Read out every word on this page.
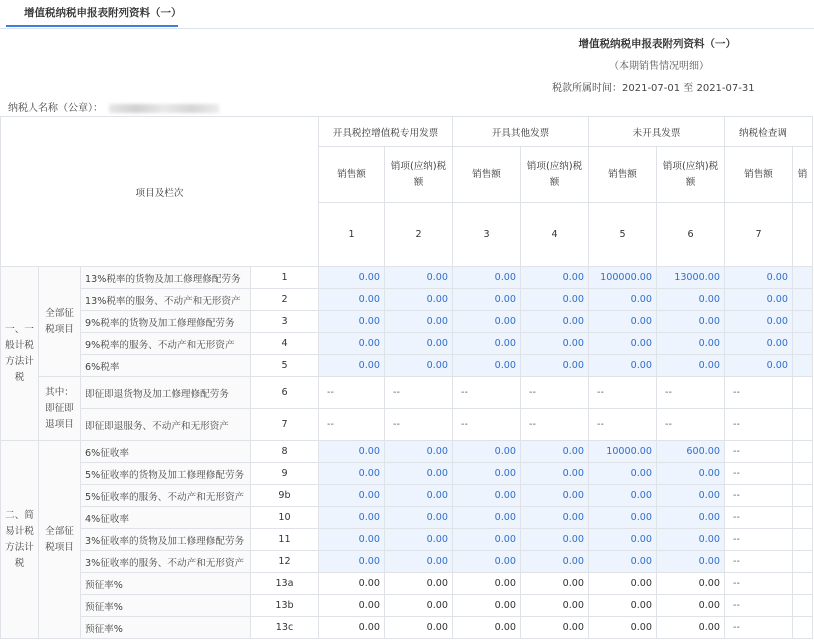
增值税纳税申报表附列资料（一）
增值税纳税申报表附列资料（一）
（本期销售情况明细）
税款所属时间：2021-07-01 至 2021-07-31
纳税人名称（公章）：
项目及栏次				开具税控增值税专用发票		开具其他发票		未开具发票		纳税检查调	
				销售额	销项(应纳)税额	销售额	销项(应纳)税额	销售额	销项(应纳)税额	销售额	销
				1	2	3	4	5	6	7	
一、一般计税方法计税	全部征税项目	13%税率的货物及加工修理修配劳务	1	0.00	0.00	0.00	0.00	100000.00	13000.00	0.00	
		13%税率的服务、不动产和无形资产	2	0.00	0.00	0.00	0.00	0.00	0.00	0.00	
		9%税率的货物及加工修理修配劳务	3	0.00	0.00	0.00	0.00	0.00	0.00	0.00	
		9%税率的服务、不动产和无形资产	4	0.00	0.00	0.00	0.00	0.00	0.00	0.00	
		6%税率	5	0.00	0.00	0.00	0.00	0.00	0.00	0.00	
	其中：即征即退项目	即征即退货物及加工修理修配劳务	6	--	--	--	--	--	--	--	
		即征即退服务、不动产和无形资产	7	--	--	--	--	--	--	--	
二、简易计税方法计税	全部征税项目	6%征收率	8	0.00	0.00	0.00	0.00	10000.00	600.00	--	
		5%征收率的货物及加工修理修配劳务	9	0.00	0.00	0.00	0.00	0.00	0.00	--	
		5%征收率的服务、不动产和无形资产	9b	0.00	0.00	0.00	0.00	0.00	0.00	--	
		4%征收率	10	0.00	0.00	0.00	0.00	0.00	0.00	--	
		3%征收率的货物及加工修理修配劳务	11	0.00	0.00	0.00	0.00	0.00	0.00	--	
		3%征收率的服务、不动产和无形资产	12	0.00	0.00	0.00	0.00	0.00	0.00	--	
		预征率%	13a	0.00	0.00	0.00	0.00	0.00	0.00	--	
		预征率%	13b	0.00	0.00	0.00	0.00	0.00	0.00	--	
		预征率%	13c	0.00	0.00	0.00	0.00	0.00	0.00	--	
